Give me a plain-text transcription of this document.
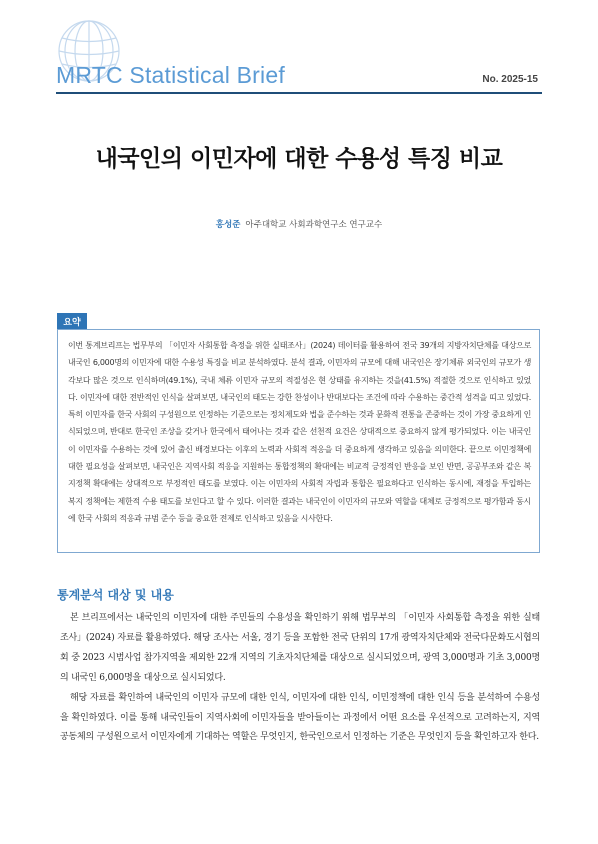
MRTC Statistical Brief	No. 2025-15
내국인의 이민자에 대한 수용성 특징 비교
홍성준 아주대학교 사회과학연구소 연구교수
요약

이번 통계브리프는 법무부의 「이민자 사회통합 측정을 위한 실태조사」(2024) 데이터를 활용하여 전국 39개의 지방자치단체를 대상으로 내국인 6,000명의 이민자에 대한 수용성 특징을 비교 분석하였다. 분석 결과, 이민자의 규모에 대해 내국인은 장기체류 외국인의 규모가 생각보다 많은 것으로 인식하며(49.1%), 국내 체류 이민자 규모의 적절성은 현 상태를 유지하는 것을(41.5%) 적절한 것으로 인식하고 있었다. 이민자에 대한 전반적인 인식을 살펴보면, 내국인의 태도는 강한 찬성이나 반대보다는 조건에 따라 수용하는 중간적 성격을 띠고 있었다. 특히 이민자를 한국 사회의 구성원으로 인정하는 기준으로는 정치제도와 법을 준수하는 것과 문화적 전통을 존중하는 것이 가장 중요하게 인식되었으며, 반대로 한국인 조상을 갖거나 한국에서 태어나는 것과 같은 선천적 요건은 상대적으로 중요하지 않게 평가되었다. 이는 내국인이 이민자를 수용하는 것에 있어 출신 배경보다는 이후의 노력과 사회적 적응을 더 중요하게 생각하고 있음을 의미한다. 끝으로 이민정책에 대한 필요성을 살펴보면, 내국인은 지역사회 적응을 지원하는 통합정책의 확대에는 비교적 긍정적인 반응을 보인 반면, 공공부조와 같은 복지정책 확대에는 상대적으로 부정적인 태도를 보였다. 이는 이민자의 사회적 자립과 통합은 필요하다고 인식하는 동시에, 재정을 투입하는 복지 정책에는 제한적 수용 태도를 보인다고 할 수 있다. 이러한 결과는 내국인이 이민자의 규모와 역할을 대체로 긍정적으로 평가함과 동시에 한국 사회의 적응과 규범 준수 등을 중요한 전제로 인식하고 있음을 시사한다.

통계분석 대상 및 내용

본 브리프에서는 내국인의 이민자에 대한 주민들의 수용성을 확인하기 위해 법무부의 「이민자 사회통합 측정을 위한 실태조사」(2024) 자료를 활용하였다. 해당 조사는 서울, 경기 등을 포함한 전국 단위의 17개 광역자치단체와 전국다문화도시협의회 중 2023 시범사업 참가지역을 제외한 22개 지역의 기초자치단체를 대상으로 실시되었으며, 광역 3,000명과 기초 3,000명의 내국인 6,000명을 대상으로 실시되었다.

해당 자료를 확인하여 내국인의 이민자 규모에 대한 인식, 이민자에 대한 인식, 이민정책에 대한 인식 등을 분석하여 수용성을 확인하였다. 이를 통해 내국인들이 지역사회에 이민자들을 받아들이는 과정에서 어떤 요소를 우선적으로 고려하는지, 지역 공동체의 구성원으로서 이민자에게 기대하는 역할은 무엇인지, 한국인으로서 인정하는 기준은 무엇인지 등을 확인하고자 한다.
